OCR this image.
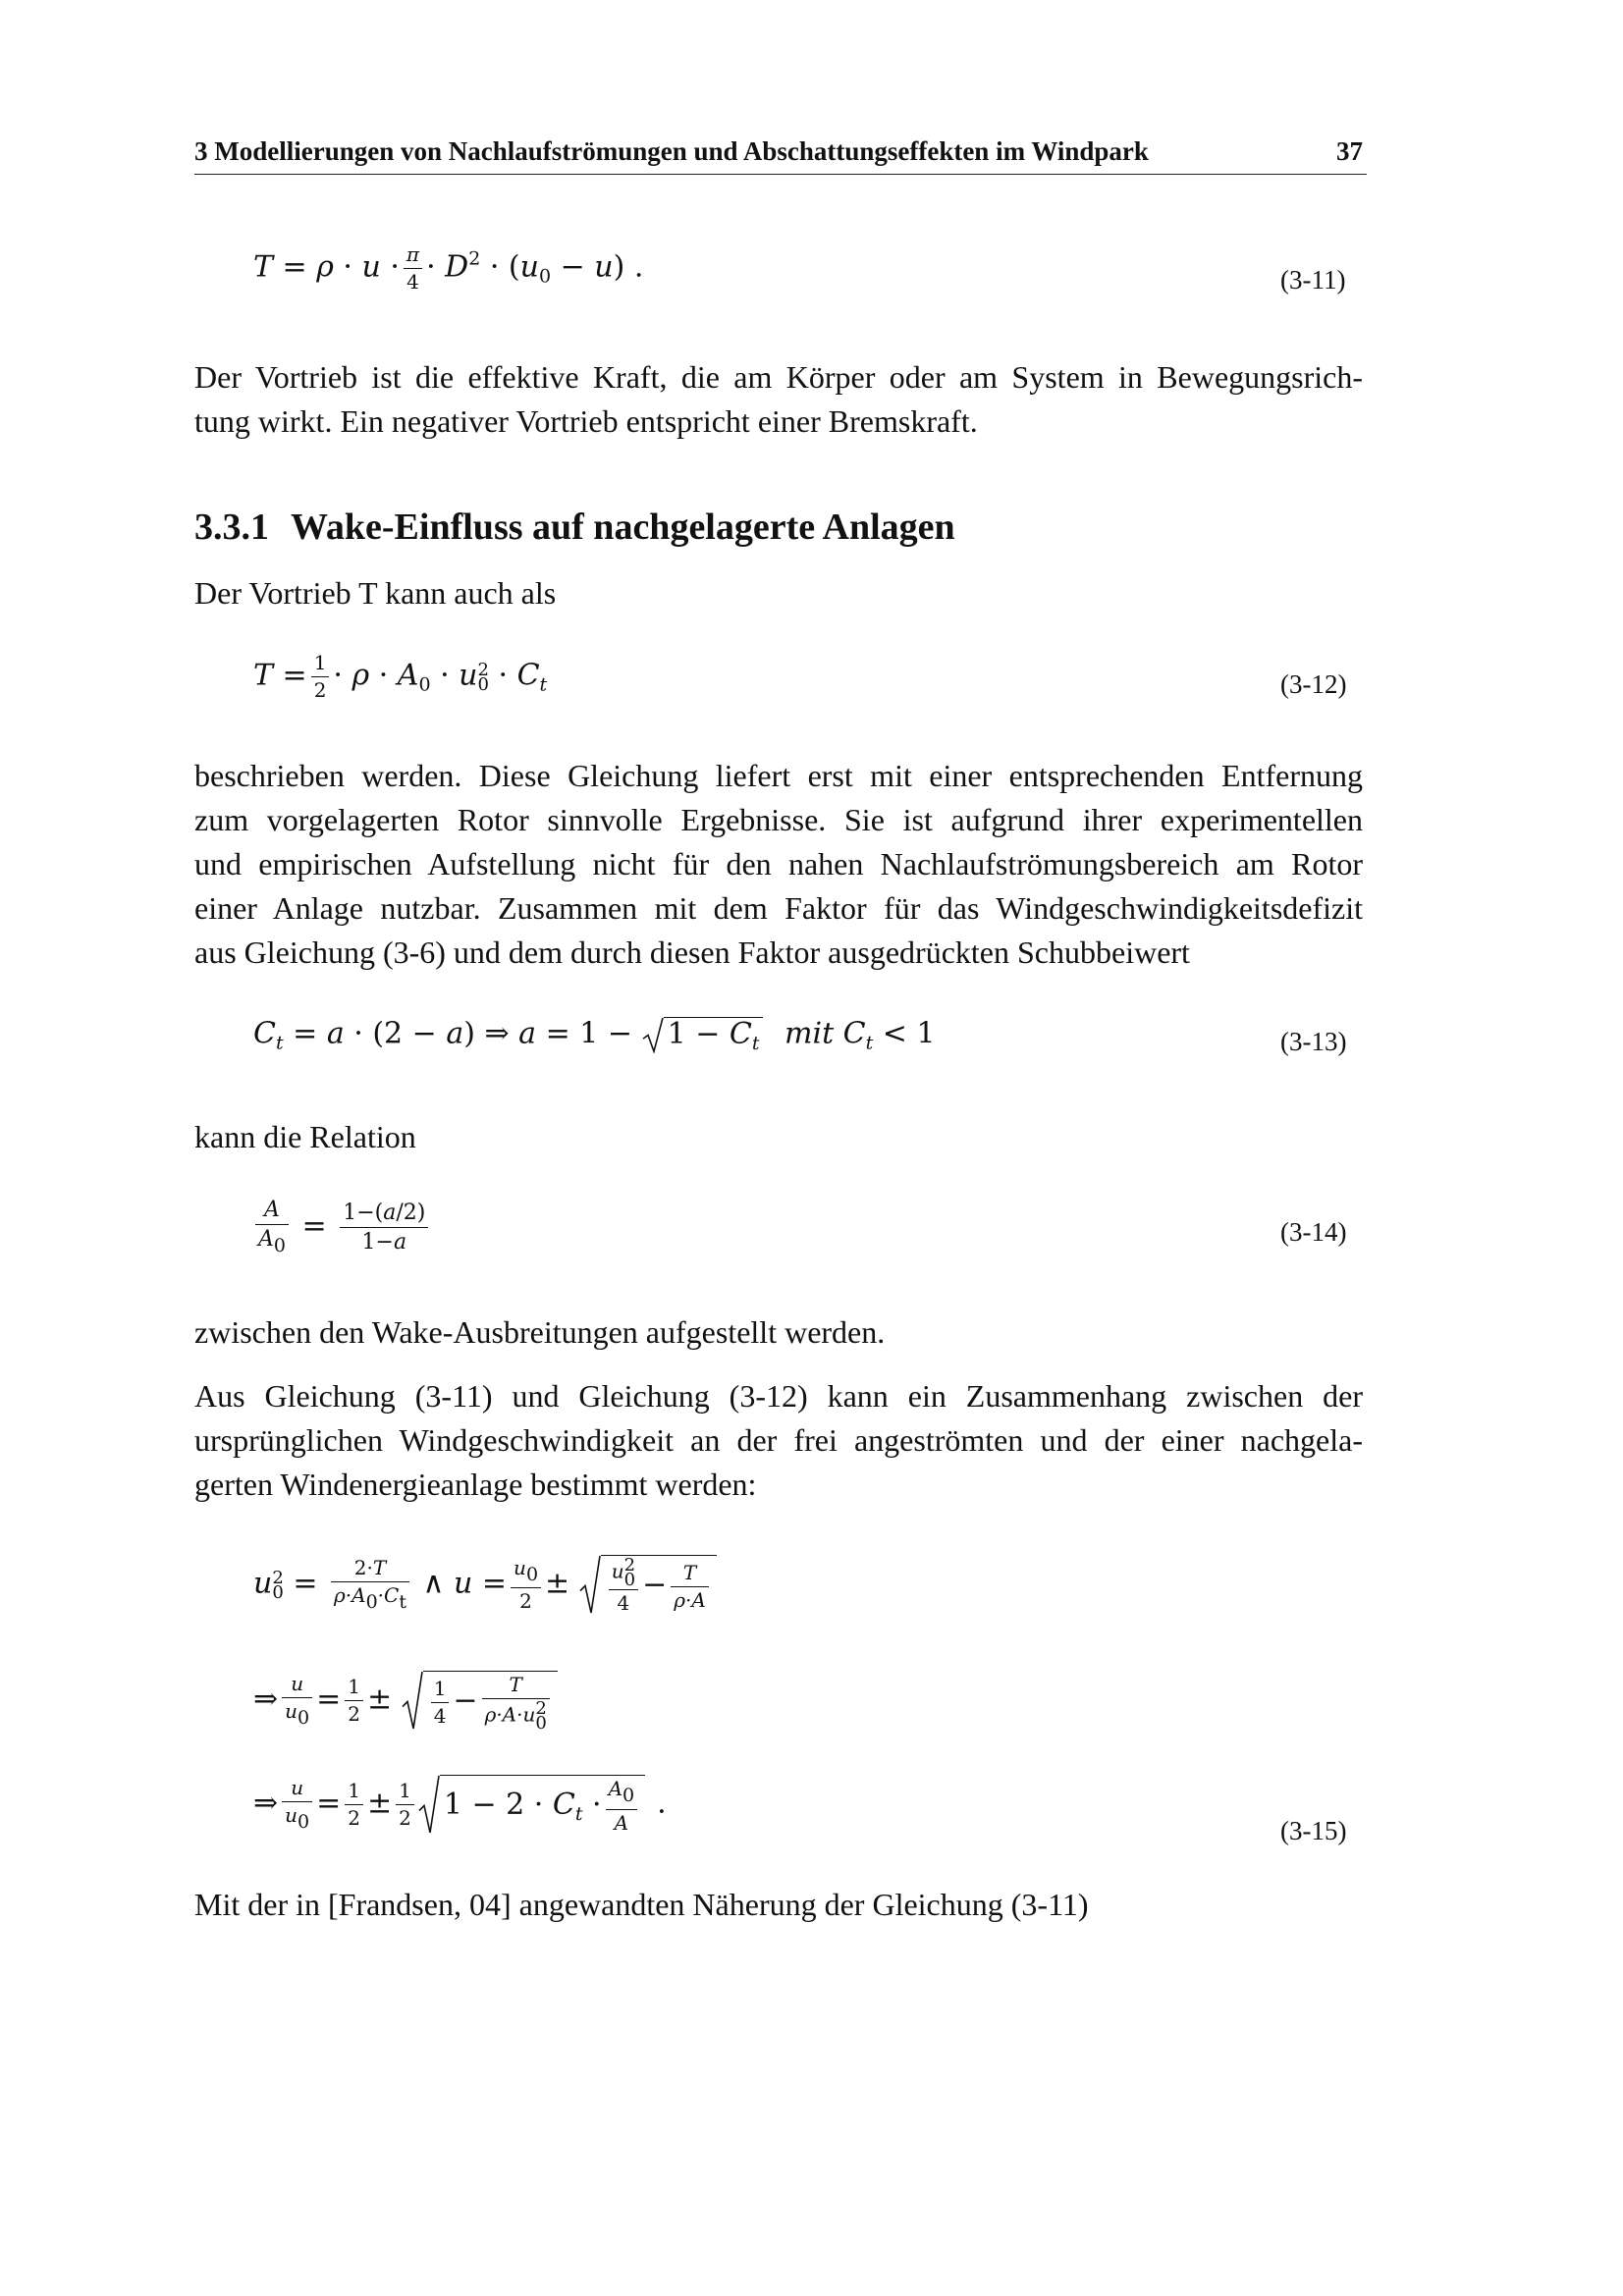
3 Modellierungen von Nachlaufströmungen und Abschattungseffekten im Windpark	37
$T = \rho \cdot u \cdot \frac{\pi}{4} \cdot D^2 \cdot (u_0 - u)$ .	(3-11)
Der Vortrieb ist die effektive Kraft, die am Körper oder am System in Bewegungsrich-
tung wirkt. Ein negativer Vortrieb entspricht einer Bremskraft.
3.3.1 Wake-Einfluss auf nachgelagerte Anlagen
Der Vortrieb T kann auch als
$T = \frac{1}{2} \cdot \rho \cdot A_0 \cdot u$ 2
$0 \cdot C_t$	(3-12)
beschrieben werden. Diese Gleichung liefert erst mit einer entsprechenden Entfernung
zum vorgelagerten Rotor sinnvolle Ergebnisse. Sie ist aufgrund ihrer experimentellen
und empirischen Aufstellung nicht für den nahen Nachlaufströmungsbereich am Rotor
einer Anlage nutzbar. Zusammen mit dem Faktor für das Windgeschwindigkeitsdefizit
aus Gleichung (3-6) und dem durch diesen Faktor ausgedrückten Schubbeiwert
$C_t = a \cdot (2 - a)$ ⇒ $a = 1 - 1 - C_t$ mit $C_t < 1$	(3-13)
kann die Relation
$\frac{A}{A0} = \frac{1-(a/2)}{1-a}$	(3-14)
zwischen den Wake-Ausbreitungen aufgestellt werden.
Aus Gleichung (3-11) und Gleichung (3-12) kann ein Zusammenhang zwischen der
ursprünglichen Windgeschwindigkeit an der frei angeströmten und der einer nachgela-
gerten Windenergieanlage bestimmt werden:
u 2
$0 = \frac{2\cdot T}{\rho\cdot A0\cdot Ct}$ ∧ $u = \frac{u0}{2} \pm u$ 2
0
$4 - \frac{T}{\rho\cdot A}$
⇒ $\frac{u}{u0} = \frac{1}{2} \pm \frac{1}{4} - T$
ρ·A·u 2
0
⇒ $\frac{u}{u0} = \frac{1}{2} \pm \frac{1}{2} 1 - 2 \cdot C_t \cdot \frac{A0}{A}$ .
(3-15)
Mit der in [Frandsen, 04] angewandten Näherung der Gleichung (3-11)
